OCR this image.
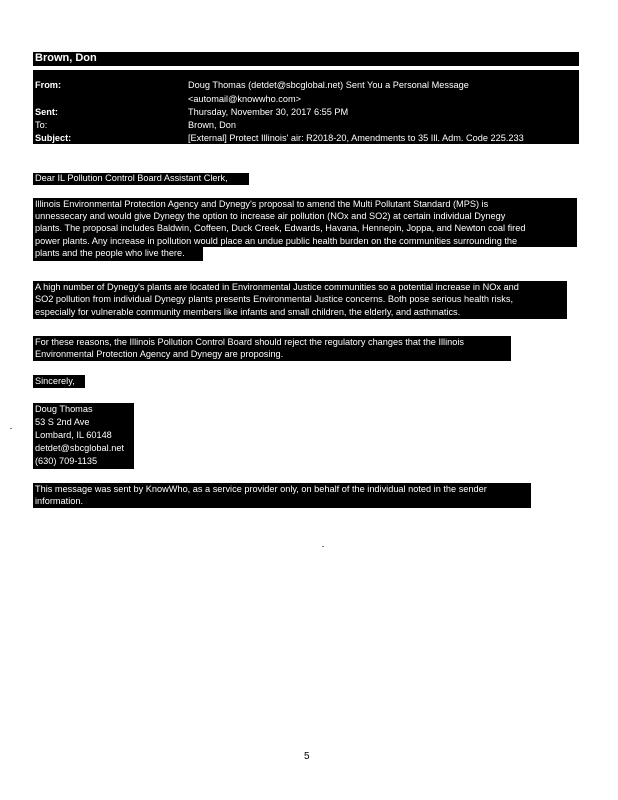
Brown, Don
From:	Doug Thomas (detdet@sbcglobal.net) Sent You a Personal Message
<automail@knowwho.com>
Sent:	Thursday, November 30, 2017 6:55 PM
To:	Brown, Don
Subject:	[External] Protect Illinois' air: R2018-20, Amendments to 35 Ill. Adm. Code 225.233
Dear IL Pollution Control Board Assistant Clerk,
Illinois Environmental Protection Agency and Dynegy's proposal to amend the Multi Pollutant Standard (MPS) is
unnessecary and would give Dynegy the option to increase air pollution (NOx and SO2) at certain individual Dynegy
plants. The proposal includes Baldwin, Coffeen, Duck Creek, Edwards, Havana, Hennepin, Joppa, and Newton coal fired
power plants. Any increase in pollution would place an undue public health burden on the communities surrounding the
plants and the people who live there.
A high number of Dynegy's plants are located in Environmental Justice communities so a potential increase in NOx and
SO2 pollution from individual Dynegy plants presents Environmental Justice concerns. Both pose serious health risks,
especially for vulnerable community members like infants and small children, the elderly, and asthmatics.
For these reasons, the Illinois Pollution Control Board should reject the regulatory changes that the Illinois
Environmental Protection Agency and Dynegy are proposing.
Sincerely,
Doug Thomas
53 S 2nd Ave
Lombard, IL 60148
detdet@sbcglobal.net
(630) 709-1135
This message was sent by KnowWho, as a service provider only, on behalf of the individual noted in the sender
information.
5
